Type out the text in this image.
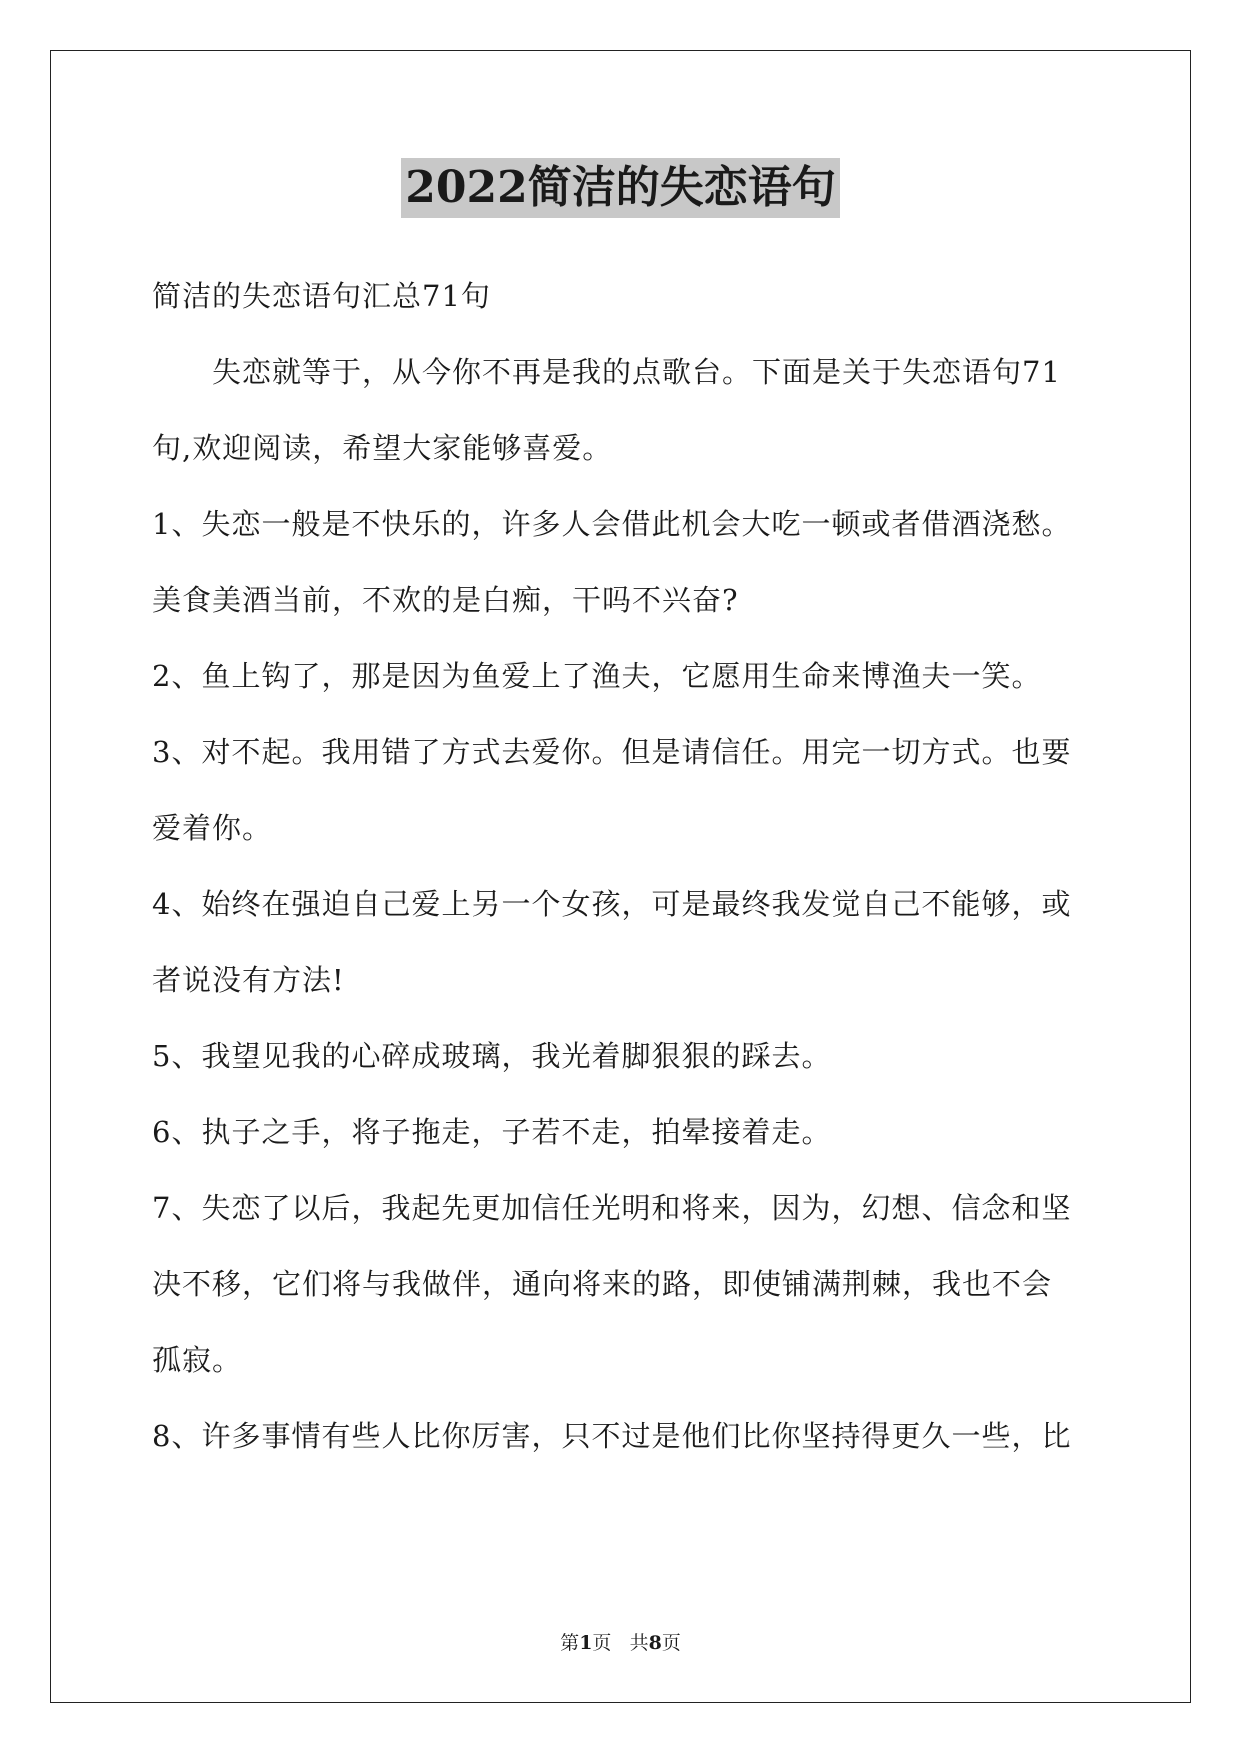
2022简洁的失恋语句
简洁的失恋语句汇总71句
失恋就等于，从今你不再是我的点歌台。下面是关于失恋语句71
句,欢迎阅读，希望大家能够喜爱。
1、失恋一般是不快乐的，许多人会借此机会大吃一顿或者借酒浇愁。
美食美酒当前，不欢的是白痴，干吗不兴奋?
2、鱼上钩了，那是因为鱼爱上了渔夫，它愿用生命来博渔夫一笑。
3、对不起。我用错了方式去爱你。但是请信任。用完一切方式。也要
爱着你。
4、始终在强迫自己爱上另一个女孩，可是最终我发觉自己不能够，或
者说没有方法!
5、我望见我的心碎成玻璃，我光着脚狠狠的踩去。
6、执子之手，将子拖走，子若不走，拍晕接着走。
7、失恋了以后，我起先更加信任光明和将来，因为，幻想、信念和坚
决不移，它们将与我做伴，通向将来的路，即使铺满荆棘，我也不会
孤寂。
8、许多事情有些人比你厉害，只不过是他们比你坚持得更久一些，比
第1页 共8页
